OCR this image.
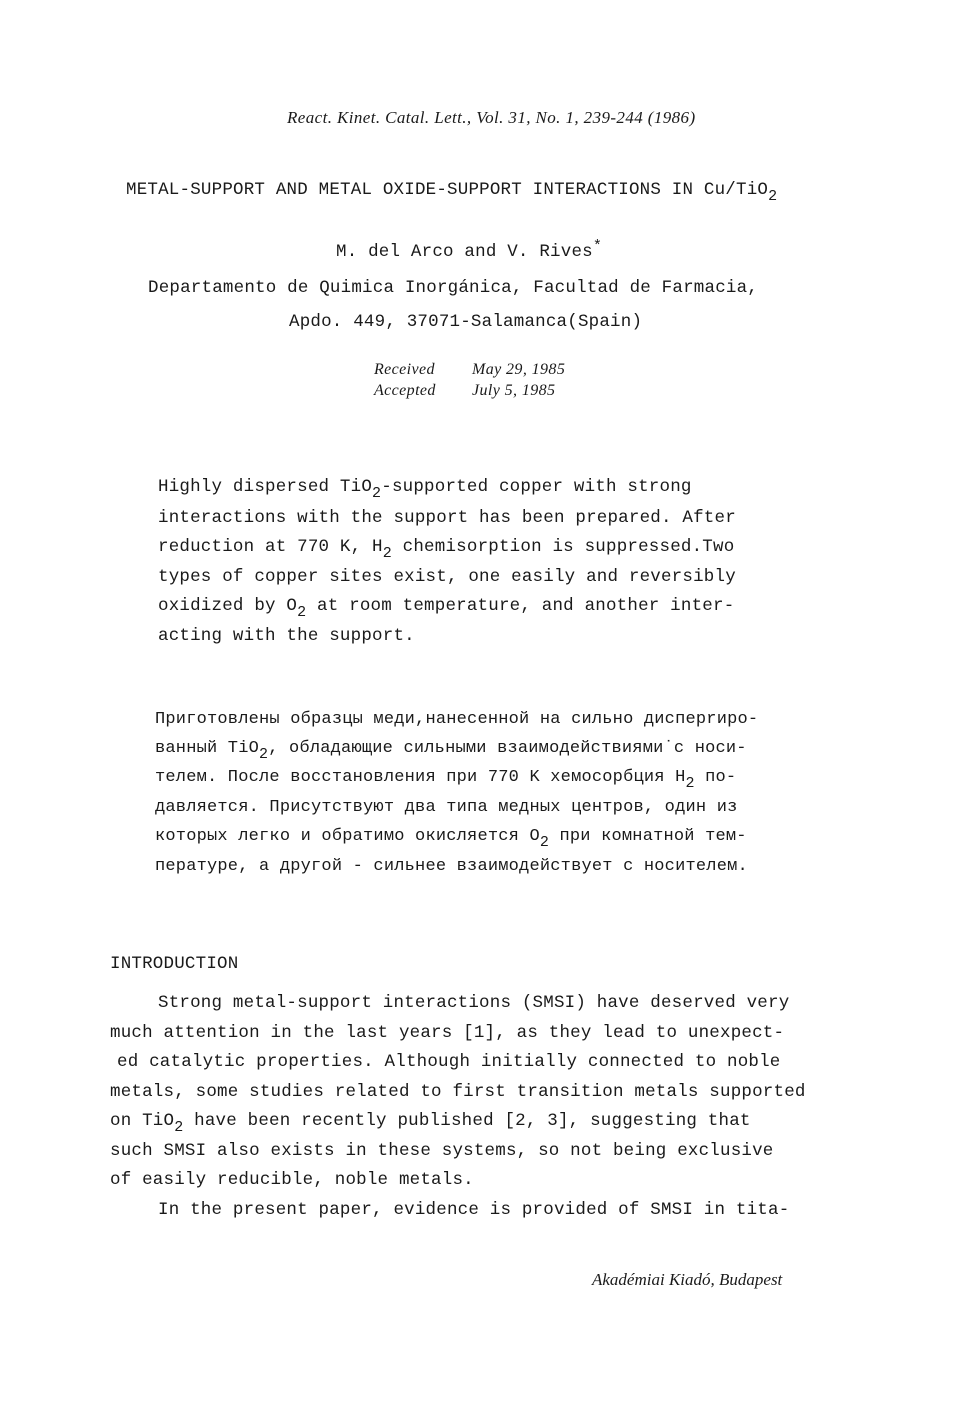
React. Kinet. Catal. Lett., Vol. 31, No. 1, 239-244 (1986)
METAL-SUPPORT AND METAL OXIDE-SUPPORT INTERACTIONS IN Cu/TiO$_2$
M. del Arco and V. Rives*
Departamento de Quimica Inorgánica, Facultad de Farmacia,
Apdo. 449, 37071-Salamanca(Spain)
Received May 29, 1985
Accepted July 5, 1985
Highly dispersed TiO$_2$-supported copper with strong
interactions with the support has been prepared. After
reduction at 770 K, $H_2$ chemisorption is suppressed.Two
types of copper sites exist, one easily and reversibly
oxidized by $O_2$ at room temperature, and another inter-
acting with the support.
Приготовлены образцы меди,нанесенной на сильно дисперrиро-
ванный TiO$_2$, обладающие сильными взаимодействиями˙с носи-
телем. После восстановления при 770 K хемосорбция $H_2$ по-
давляется. Присутствуют два типа медных центров, один из
которых легко и обратимо окисляется $O_2$ при комнатной тем-
пературе, а другой - сильнее взаимодействует с носителем.
INTRODUCTION
Strong metal-support interactions (SMSI) have deserved very
much attention in the last years [1], as they lead to unexpect-
ed catalytic properties. Although initially connected to noble
metals, some studies related to first transition metals supported
on TiO$_2$ have been recently published [2, 3], suggesting that
such SMSI also exists in these systems, so not being exclusive
of easily reducible, noble metals.
In the present paper, evidence is provided of SMSI in tita-
Akadémiai Kiadó, Budapest
